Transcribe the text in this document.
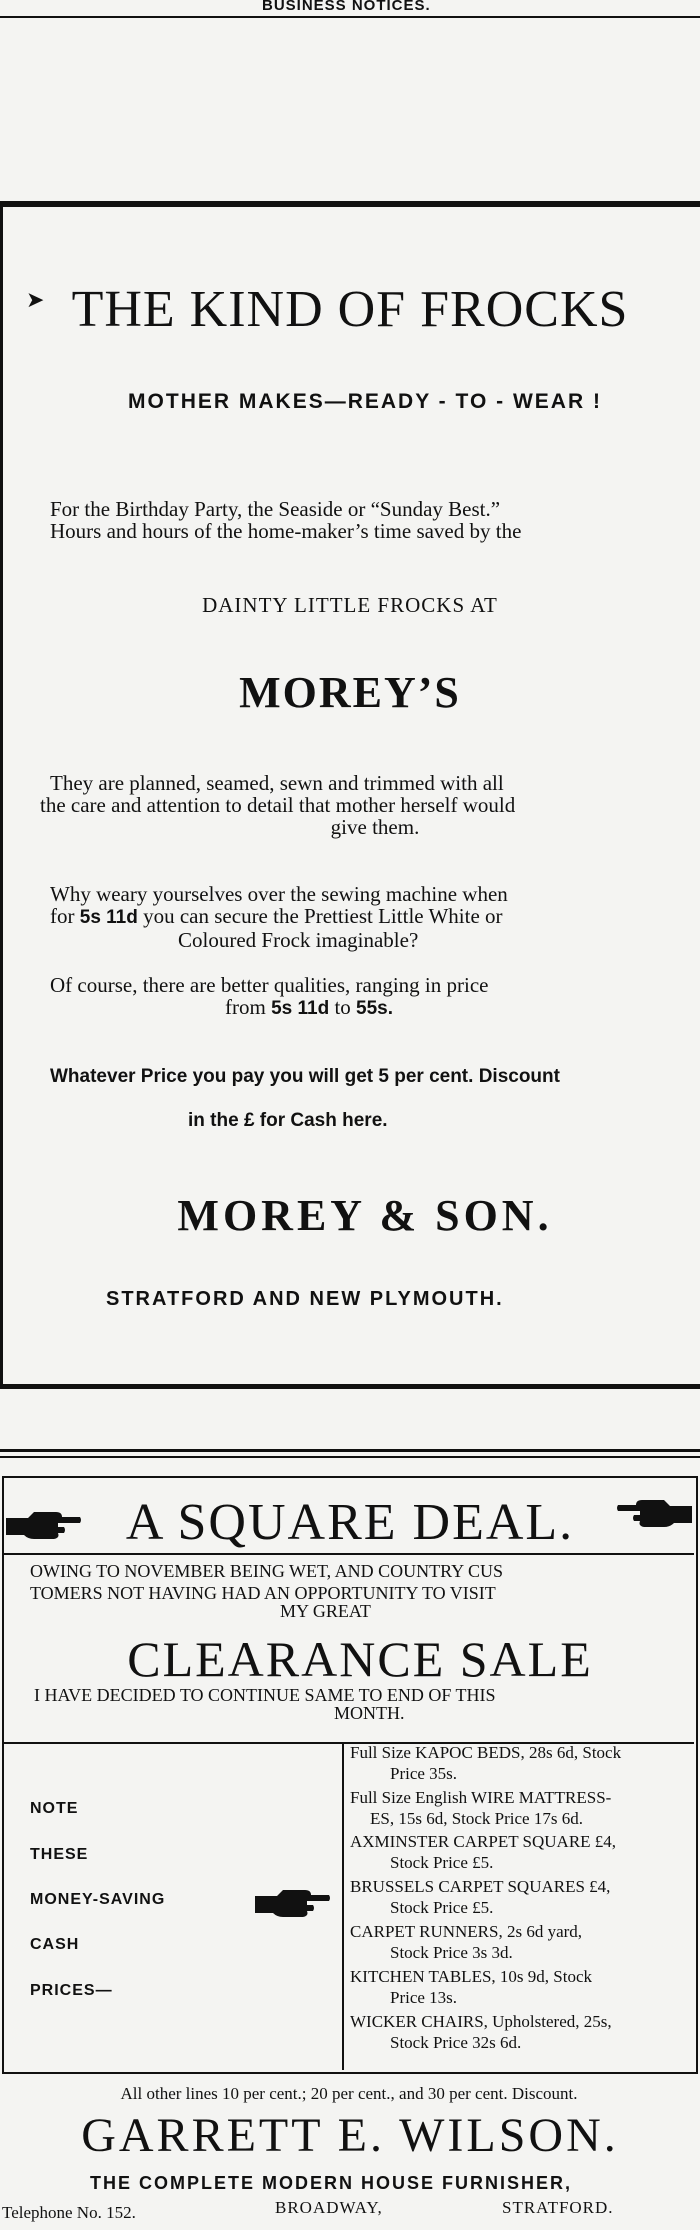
BUSINESS NOTICES.
➤ THE KIND OF FROCKS
MOTHER MAKES—READY - TO - WEAR !
For the Birthday Party, the Seaside or “Sunday Best.”
Hours and hours of the home-maker’s time saved by the
DAINTY LITTLE FROCKS AT
MOREY’S
They are planned, seamed, sewn and trimmed with all
the care and attention to detail that mother herself would
give them.
Why weary yourselves over the sewing machine when
for 5s 11d you can secure the Prettiest Little White or
Coloured Frock imaginable?
Of course, there are better qualities, ranging in price
from 5s 11d to 55s.
Whatever Price you pay you will get 5 per cent. Discount
in the £ for Cash here.
MOREY & SON.
STRATFORD AND NEW PLYMOUTH.
A SQUARE DEAL.
OWING TO NOVEMBER BEING WET, AND COUNTRY CUS
TOMERS NOT HAVING HAD AN OPPORTUNITY TO VISIT
MY GREAT
CLEARANCE SALE
I HAVE DECIDED TO CONTINUE SAME TO END OF THIS
MONTH.
NOTE
THESE
MONEY-SAVING
CASH
PRICES—
Full Size KAPOC BEDS, 28s 6d, Stock
Price 35s.
Full Size English WIRE MATTRESS-
ES, 15s 6d, Stock Price 17s 6d.
AXMINSTER CARPET SQUARE £4,
Stock Price £5.
BRUSSELS CARPET SQUARES £4,
Stock Price £5.
CARPET RUNNERS, 2s 6d yard,
Stock Price 3s 3d.
KITCHEN TABLES, 10s 9d, Stock
Price 13s.
WICKER CHAIRS, Upholstered, 25s,
Stock Price 32s 6d.
All other lines 10 per cent.; 20 per cent., and 30 per cent. Discount.
GARRETT E. WILSON.
THE COMPLETE MODERN HOUSE FURNISHER,
Telephone No. 152.	BROADWAY,	STRATFORD.
